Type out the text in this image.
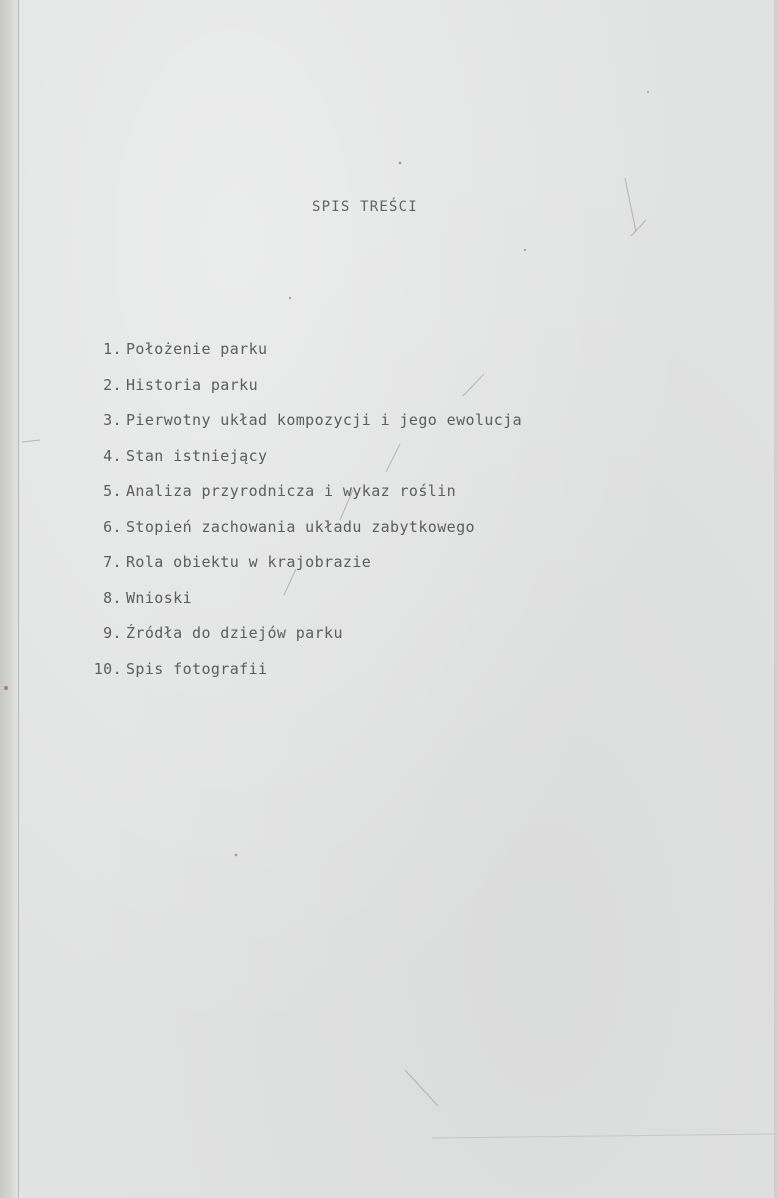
SPIS TREŚCI
1. Położenie parku
2. Historia parku
3. Pierwotny układ kompozycji i jego ewolucja
4. Stan istniejący
5. Analiza przyrodnicza i wykaz roślin
6. Stopień zachowania układu zabytkowego
7. Rola obiektu w krajobrazie
8. Wnioski
9. Źródła do dziejów parku
10. Spis fotografii
